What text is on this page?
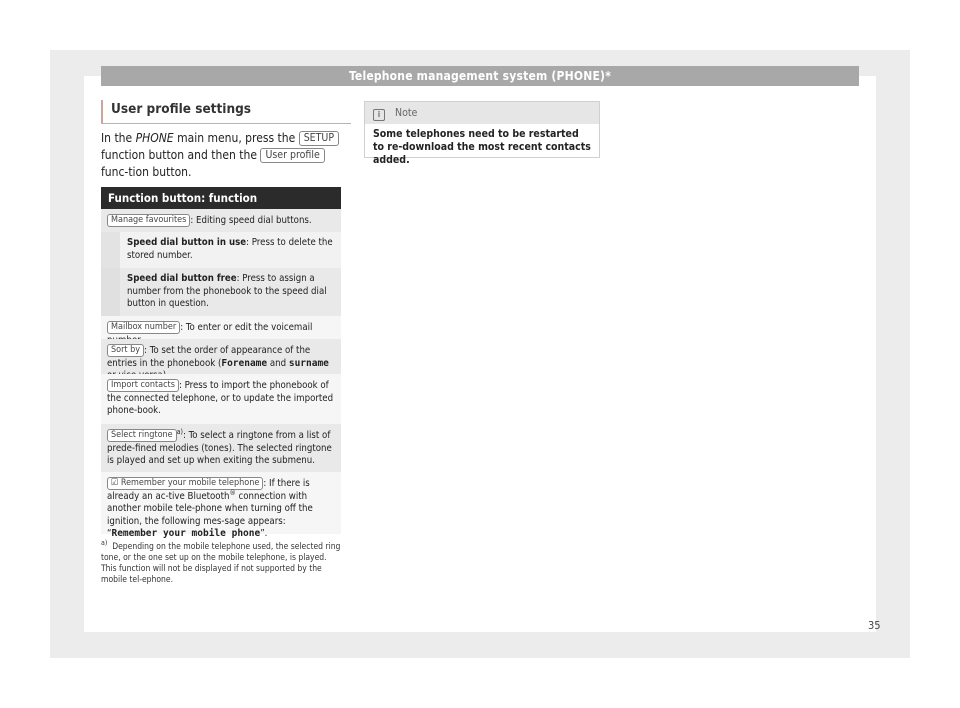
Telephone management system (PHONE)*
User profile settings
In the PHONE main menu, press the SETUP function button and then the User profile func-tion button.
Function button: function
Manage favourites : Editing speed dial buttons.
Speed dial button in use: Press to delete the stored number.
Speed dial button free: Press to assign a number from the phonebook to the speed dial button in question.
Mailbox number : To enter or edit the voicemail
Sort by : To set the order of appearance of the entries in the phonebook (Forename and surname
Import contacts : Press to import the phonebook of the connected telephone, or to update the imported phone-book.
Select ringtone $^{a)}$: To select a ringtone from a list of prede-fined melodies (tones). The selected ringtone is played and set up when exiting the submenu.
☑ Remember your mobile telephone : If there is already an ac-tive Bluetooth® connection with another mobile tele-phone when turning off the ignition, the following mes-sage appears: “Remember your mobile phone”.
$^{a)}$ Depending on the mobile telephone used, the selected ring tone, or the one set up on the mobile telephone, is played. This function will not be displayed if not supported by the mobile tel-ephone.
i Note
Some telephones need to be restarted to re-download the most recent contacts added.
35
